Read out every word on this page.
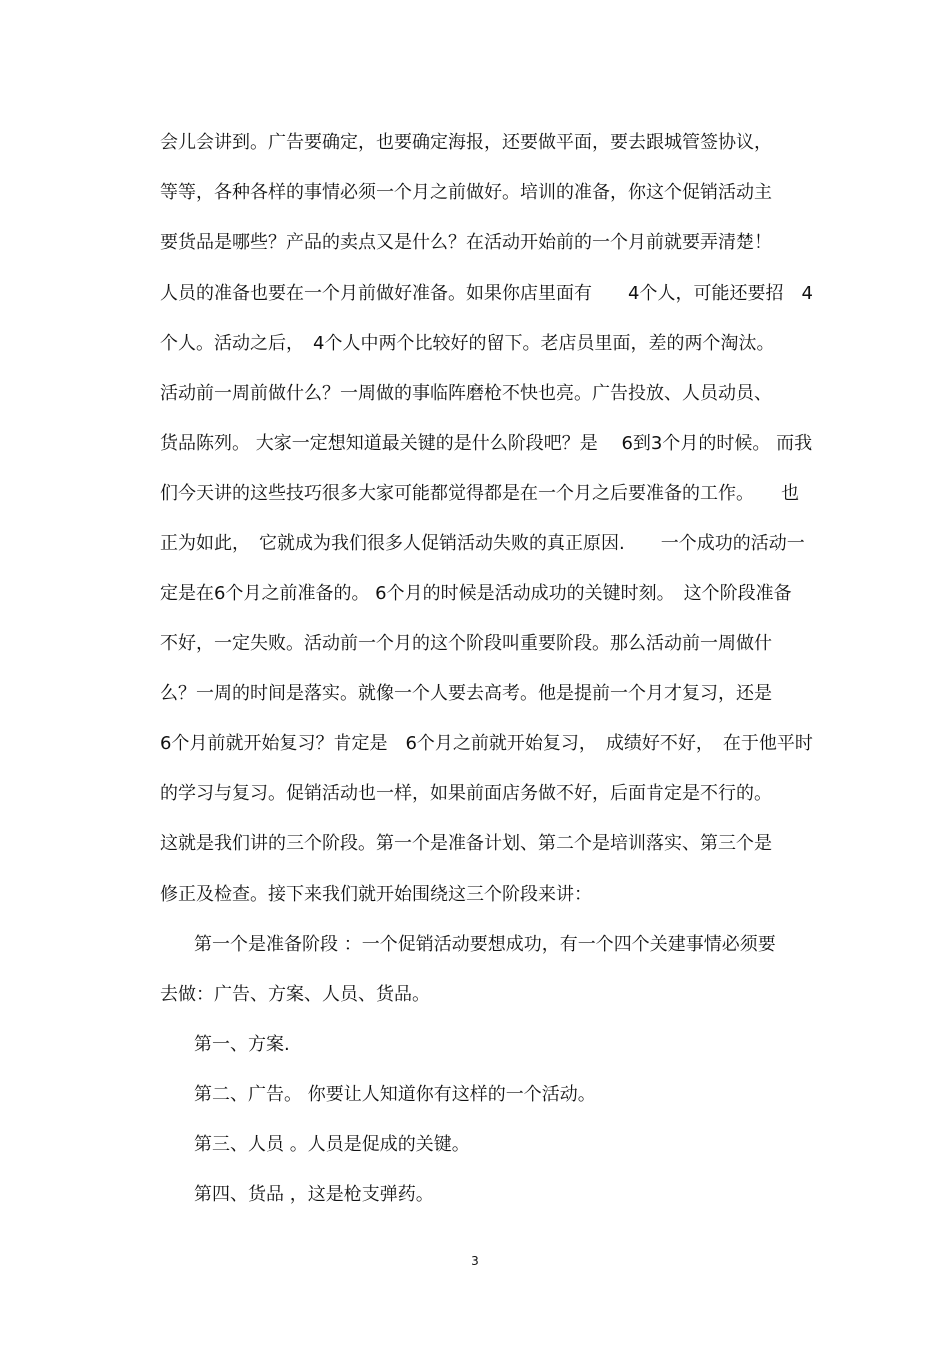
会儿会讲到。广告要确定，也要确定海报，还要做平面，要去跟城管签协议，

等等，各种各样的事情必须一个月之前做好。培训的准备，你这个促销活动主

要货品是哪些？产品的卖点又是什么？在活动开始前的一个月前就要弄清楚！

人员的准备也要在一个月前做好准备。如果你店里面有　　4个人，可能还要招　4

个人。活动之后，　4个人中两个比较好的留下。老店员里面，差的两个淘汰。

活动前一周前做什么？一周做的事临阵磨枪不快也亮。广告投放、人员动员、

货品陈列。 大家一定想知道最关键的是什么阶段吧？是　 6到3个月的时候。 而我

们今天讲的这些技巧很多大家可能都觉得都是在一个月之后要准备的工作。　　也

正为如此，　它就成为我们很多人促销活动失败的真正原因.　　一个成功的活动一

定是在6个月之前准备的。 6个月的时候是活动成功的关键时刻。　这个阶段准备

不好，一定失败。活动前一个月的这个阶段叫重要阶段。那么活动前一周做什

么？一周的时间是落实。就像一个人要去高考。他是提前一个月才复习，还是

6个月前就开始复习？肯定是　6个月之前就开始复习，　成绩好不好，　在于他平时

的学习与复习。促销活动也一样，如果前面店务做不好，后面肯定是不行的。

这就是我们讲的三个阶段。第一个是准备计划、第二个是培训落实、第三个是

修正及检查。接下来我们就开始围绕这三个阶段来讲：

第一个是准备阶段 ：一个促销活动要想成功，有一个四个关建事情必须要

去做：广告、方案、人员、货品。

第一、方案.

第二、广告。 你要让人知道你有这样的一个活动。

第三、人员 。人员是促成的关键。

第四、货品 ，这是枪支弹药。

3
